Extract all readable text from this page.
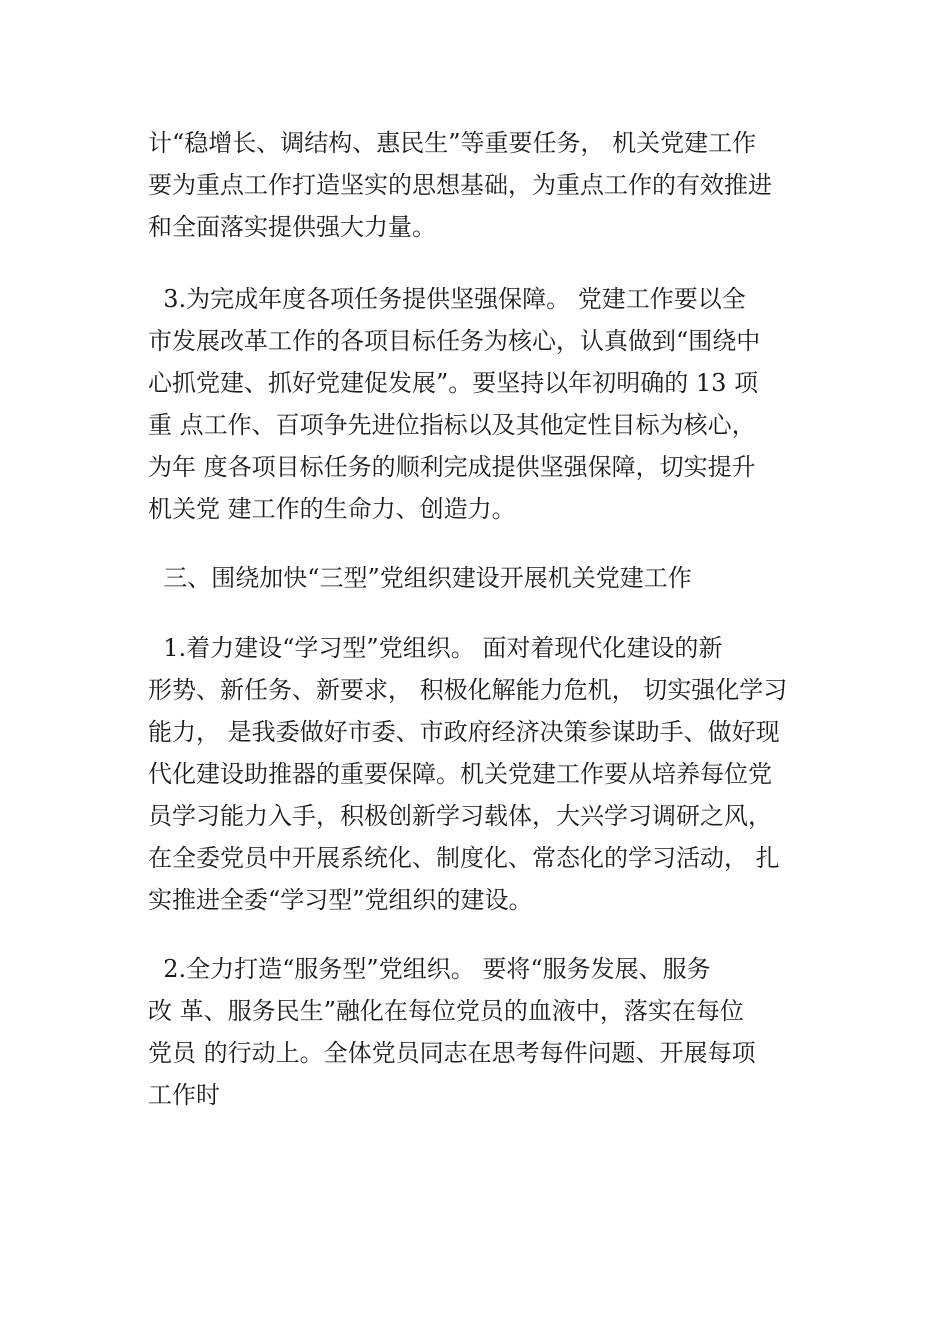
计“稳增长、调结构、惠民生”等重要任务， 机关党建工作

要为重点工作打造坚实的思想基础，为重点工作的有效推进

和全面落实提供强大力量。

3.为完成年度各项任务提供坚强保障。 党建工作要以全

市发展改革工作的各项目标任务为核心，认真做到“围绕中

心抓党建、抓好党建促发展”。要坚持以年初明确的 13 项

重 点工作、百项争先进位指标以及其他定性目标为核心，

为年 度各项目标任务的顺利完成提供坚强保障，切实提升

机关党 建工作的生命力、创造力。

三、围绕加快“三型”党组织建设开展机关党建工作

1.着力建设“学习型”党组织。 面对着现代化建设的新

形势、新任务、新要求， 积极化解能力危机， 切实强化学习

能力， 是我委做好市委、市政府经济决策参谋助手、做好现

代化建设助推器的重要保障。机关党建工作要从培养每位党

员学习能力入手，积极创新学习载体，大兴学习调研之风，

在全委党员中开展系统化、制度化、常态化的学习活动， 扎

实推进全委“学习型”党组织的建设。

2.全力打造“服务型”党组织。 要将“服务发展、服务

改 革、服务民生”融化在每位党员的血液中，落实在每位

党员 的行动上。全体党员同志在思考每件问题、开展每项

工作时
